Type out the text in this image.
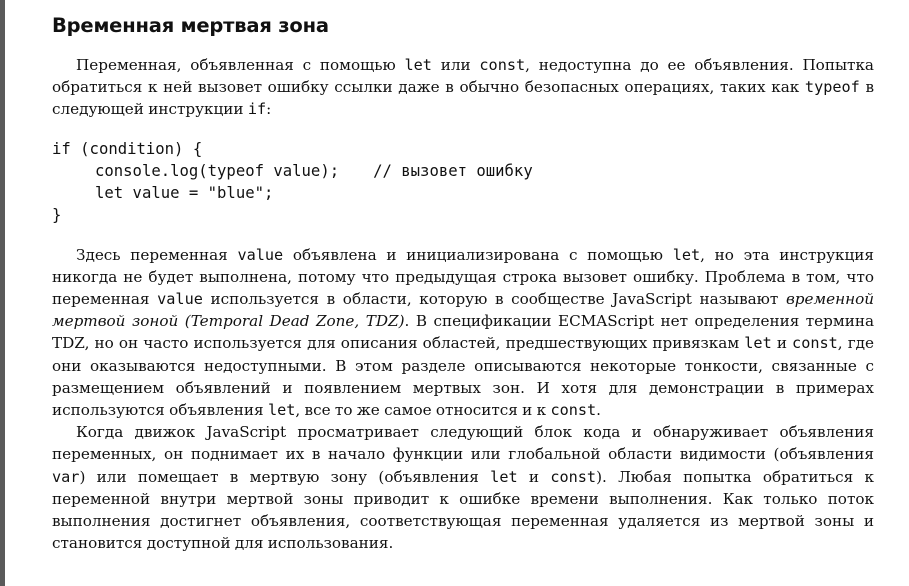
Временная мертвая зона

Переменная, объявленная с помощью let или const, недоступна до ее объявления. Попытка обратиться к ней вызовет ошибку ссылки даже в обычно безопасных операциях, таких как typeof в следующей инструкции if:

if (condition) {
console.log(typeof value); // вызовет ошибку
let value = "blue";
}

Здесь переменная value объявлена и инициализирована с помощью let, но эта инструкция никогда не будет выполнена, потому что предыдущая строка вызовет ошибку. Проблема в том, что переменная value используется в области, которую в сообществе JavaScript называют временной мертвой зоной (Temporal Dead Zone, TDZ). В спецификации ECMAScript нет определения термина TDZ, но он часто используется для описания областей, предшествующих привязкам let и const, где они оказываются недоступными. В этом разделе описываются некоторые тонкости, связанные с размещением объявлений и появлением мертвых зон. И хотя для демонстрации в примерах используются объявления let, все то же самое относится и к const.

Когда движок JavaScript просматривает следующий блок кода и обнаруживает объявления переменных, он поднимает их в начало функции или глобальной области видимости (объявления var) или помещает в мертвую зону (объявления let и const). Любая попытка обратиться к переменной внутри мертвой зоны приводит к ошибке времени выполнения. Как только поток выполнения достигнет объявления, соответствующая переменная удаляется из мертвой зоны и становится доступной для использования.
